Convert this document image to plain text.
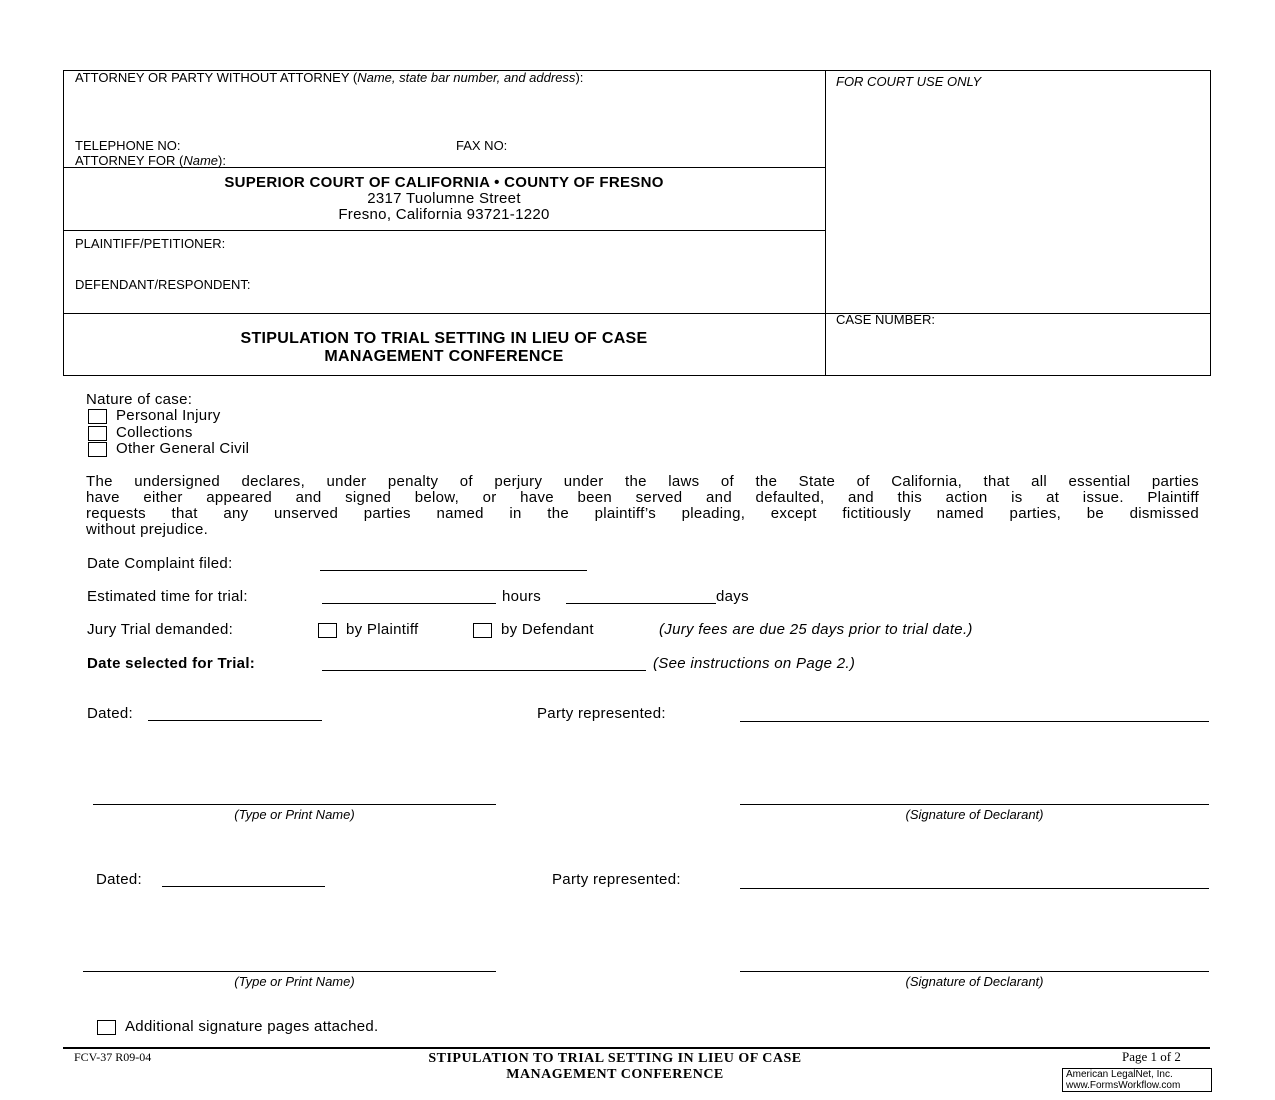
ATTORNEY OR PARTY WITHOUT ATTORNEY (Name, state bar number, and address):
TELEPHONE NO:	FAX NO:
ATTORNEY FOR (Name):
FOR COURT USE ONLY
SUPERIOR COURT OF CALIFORNIA • COUNTY OF FRESNO
2317 Tuolumne Street
Fresno, California 93721-1220
PLAINTIFF/PETITIONER:
DEFENDANT/RESPONDENT:
STIPULATION TO TRIAL SETTING IN LIEU OF CASE
MANAGEMENT CONFERENCE
CASE NUMBER:
Nature of case:
Personal Injury
Collections
Other General Civil
The undersigned declares, under penalty of perjury under the laws of the State of California, that all essential parties
have either appeared and signed below, or have been served and defaulted, and this action is at issue. Plaintiff
requests that any unserved parties named in the plaintiff’s pleading, except fictitiously named parties, be dismissed
without prejudice.
Date Complaint filed:
Estimated time for trial:	hours	days
Jury Trial demanded:	by Plaintiff	by Defendant	(Jury fees are due 25 days prior to trial date.)
Date selected for Trial:	(See instructions on Page 2.)
Dated:	Party represented:
(Type or Print Name)	(Signature of Declarant)
Dated:	Party represented:
(Type or Print Name)	(Signature of Declarant)
Additional signature pages attached.
FCV-37 R09-04	STIPULATION TO TRIAL SETTING IN LIEU OF CASE
MANAGEMENT CONFERENCE
Page 1 of 2
American LegalNet, Inc.
www.FormsWorkflow.com
